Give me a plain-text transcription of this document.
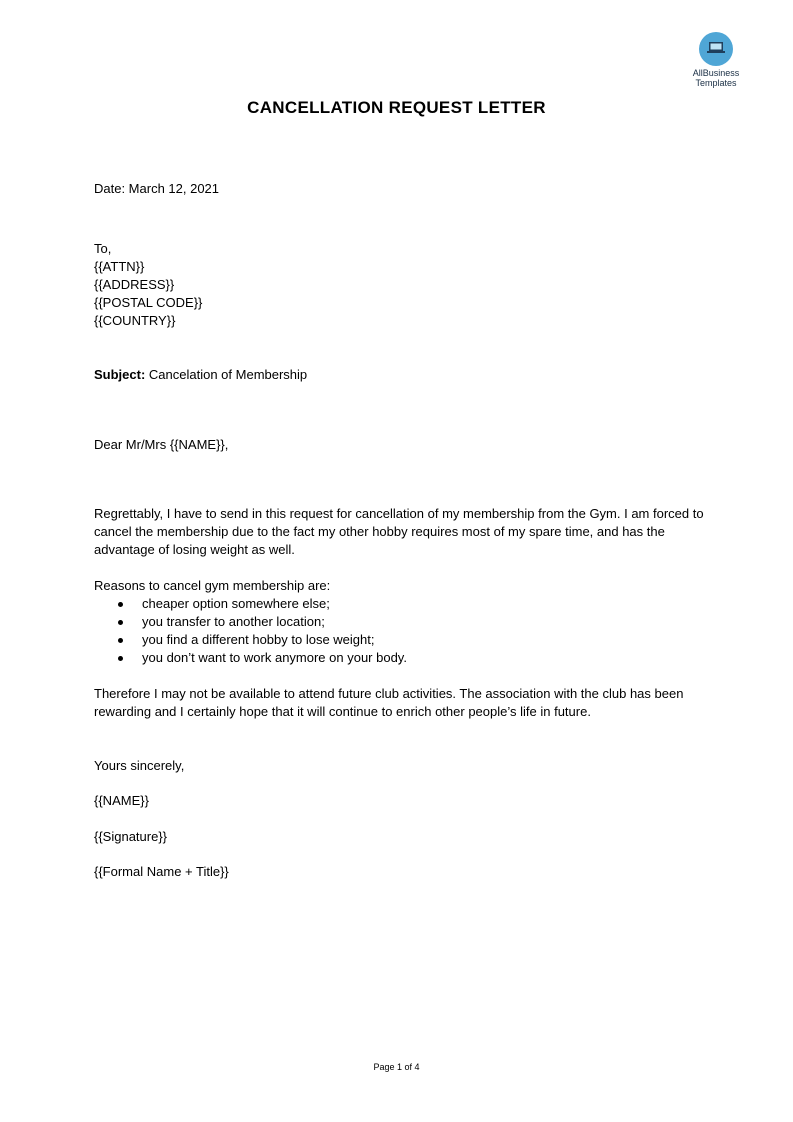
AllBusiness
Templates
CANCELLATION REQUEST LETTER
Date: March 12, 2021
To,
{{ATTN}}
{{ADDRESS}}
{{POSTAL CODE}}
{{COUNTRY}}
Subject: Cancelation of Membership
Dear Mr/Mrs {{NAME}},

Regrettably, I have to send in this request for cancellation of my membership from the Gym. I am forced to cancel the membership due to the fact my other hobby requires most of my spare time, and has the advantage of losing weight as well.

Reasons to cancel gym membership are:
cheaper option somewhere else;
you transfer to another location;
you find a different hobby to lose weight;
you don’t want to work anymore on your body.

Therefore I may not be available to attend future club activities. The association with the club has been rewarding and I certainly hope that it will continue to enrich other people’s life in future.

Yours sincerely,
{{NAME}}
{{Signature}}
{{Formal Name + Title}}
Page 1 of 4
